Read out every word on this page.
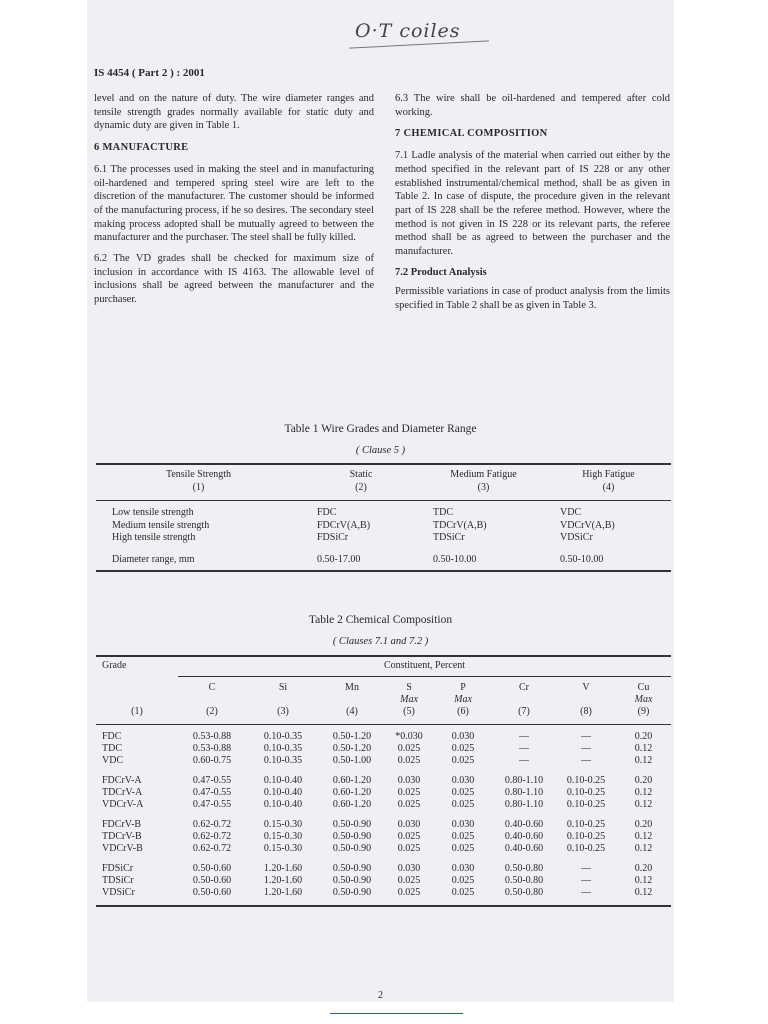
O·T coiles
IS 4454 ( Part 2 ) : 2001

level and on the nature of duty. The wire diameter ranges and tensile strength grades normally available for static duty and dynamic duty are given in Table 1.

6 MANUFACTURE

6.1 The processes used in making the steel and in manufacturing oil-hardened and tempered spring steel wire are left to the discretion of the manufacturer. The customer should be informed of the manufacturing process, if he so desires. The secondary steel making process adopted shall be mutually agreed to between the manufacturer and the purchaser. The steel shall be fully killed.

6.2 The VD grades shall be checked for maximum size of inclusion in accordance with IS 4163. The allowable level of inclusions shall be agreed between the manufacturer and the purchaser.

6.3 The wire shall be oil-hardened and tempered after cold working.

7 CHEMICAL COMPOSITION

7.1 Ladle analysis of the material when carried out either by the method specified in the relevant part of IS 228 or any other established instrumental/chemical method, shall be as given in Table 2. In case of dispute, the procedure given in the relevant part of IS 228 shall be the referee method. However, where the method is not given in IS 228 or its relevant parts, the referee method shall be as agreed to between the purchaser and the manufacturer.

7.2 Product Analysis

Permissible variations in case of product analysis from the limits specified in Table 2 shall be as given in Table 3.

Table 1 Wire Grades and Diameter Range
( Clause 5 )
Tensile Strength	Static	Medium Fatigue	High Fatigue
(1)	(2)	(3)	(4)

Low tensile strength	FDC	TDC	VDC
Medium tensile strength	FDCrV(A,B)	TDCrV(A,B)	VDCrV(A,B)
High tensile strength	FDSiCr	TDSiCr	VDSiCr

Diameter range, mm	0.50-17.00	0.50-10.00	0.50-10.00

Table 2 Chemical Composition
( Clauses 7.1 and 7.2 )
Grade	Constituent, Percent							

	C	Si	Mn	S	P	Cr	V	Cu
				Max	Max			Max
(1)	(2)	(3)	(4)	(5)	(6)	(7)	(8)	(9)

FDC	0.53-0.88	0.10-0.35	0.50-1.20	*0.030	0.030	—	—	0.20
TDC	0.53-0.88	0.10-0.35	0.50-1.20	0.025	0.025	—	—	0.12
VDC	0.60-0.75	0.10-0.35	0.50-1.00	0.025	0.025	—	—	0.12

FDCrV-A	0.47-0.55	0.10-0.40	0.60-1.20	0.030	0.030	0.80-1.10	0.10-0.25	0.20
TDCrV-A	0.47-0.55	0.10-0.40	0.60-1.20	0.025	0.025	0.80-1.10	0.10-0.25	0.12
VDCrV-A	0.47-0.55	0.10-0.40	0.60-1.20	0.025	0.025	0.80-1.10	0.10-0.25	0.12

FDCrV-B	0.62-0.72	0.15-0.30	0.50-0.90	0.030	0.030	0.40-0.60	0.10-0.25	0.20
TDCrV-B	0.62-0.72	0.15-0.30	0.50-0.90	0.025	0.025	0.40-0.60	0.10-0.25	0.12
VDCrV-B	0.62-0.72	0.15-0.30	0.50-0.90	0.025	0.025	0.40-0.60	0.10-0.25	0.12

FDSiCr	0.50-0.60	1.20-1.60	0.50-0.90	0.030	0.030	0.50-0.80	—	0.20
TDSiCr	0.50-0.60	1.20-1.60	0.50-0.90	0.025	0.025	0.50-0.80	—	0.12
VDSiCr	0.50-0.60	1.20-1.60	0.50-0.90	0.025	0.025	0.50-0.80	—	0.12

2
